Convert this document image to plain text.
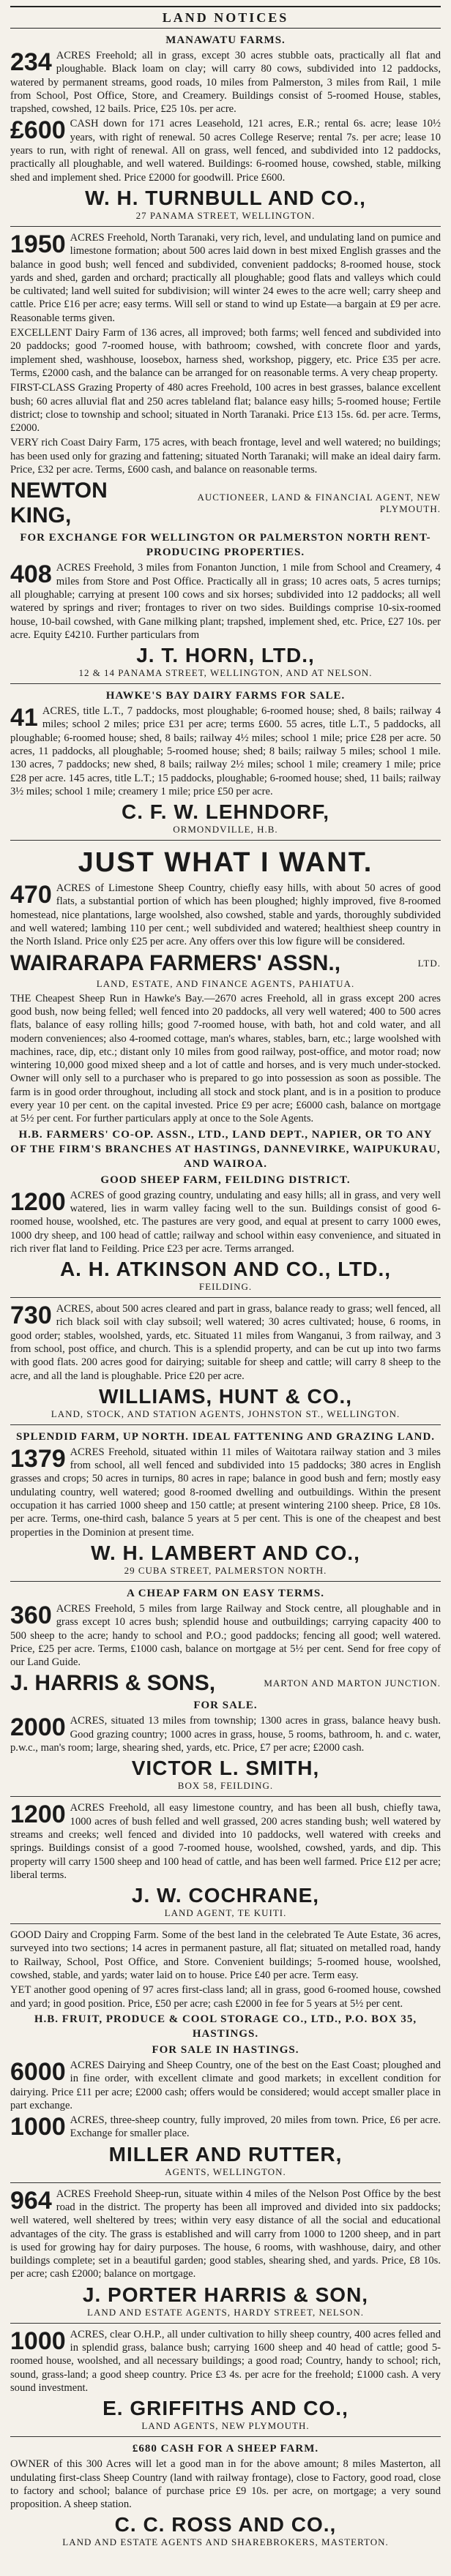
LAND NOTICES
MANAWATU FARMS.
234 ACRES Freehold; all in grass, except 30 acres stubble oats, practically all flat and ploughable. Black loam on clay; will carry 80 cows, subdivided into 12 paddocks, watered by permanent streams, good roads, 10 miles from Palmerston, 3 miles from Rail, 1 mile from School, Post Office, Store, and Creamery. Buildings consist of 5-roomed House, stables, trapshed, cowshed, 12 bails. Price, £25 10s. per acre.
£600 CASH down for 171 acres Leasehold, 121 acres, E.R.; rental 6s. acre; lease 10½ years, with right of renewal. 50 acres College Reserve; rental 7s. per acre; lease 10 years to run, with right of renewal. All on grass, well fenced, and subdivided into 12 paddocks, practically all ploughable, and well watered. Buildings: 6-roomed house, cowshed, stable, milking shed and implement shed. Price £2000 for goodwill. Price £600.
W. H. TURNBULL AND CO.,
27 PANAMA STREET, WELLINGTON.
1950 ACRES Freehold, North Taranaki, very rich, level, and undulating land on pumice and limestone formation; about 500 acres laid down in best mixed English grasses and the balance in good bush; well fenced and subdivided, convenient paddocks; 8-roomed house, stock yards and shed, garden and orchard; practically all ploughable; good flats and valleys which could be cultivated; land well suited for subdivision; will winter 24 ewes to the acre well; carry sheep and cattle. Price £16 per acre; easy terms. Will sell or stand to wind up Estate—a bargain at £9 per acre. Reasonable terms given.
EXCELLENT Dairy Farm of 136 acres, all improved; both farms; well fenced and subdivided into 20 paddocks; good 7-roomed house, with bathroom; cowshed, with concrete floor and yards, implement shed, washhouse, loosebox, harness shed, workshop, piggery, etc. Price £35 per acre. Terms, £2000 cash, and the balance can be arranged for on reasonable terms. A very cheap property.
FIRST-CLASS Grazing Property of 480 acres Freehold, 100 acres in best grasses, balance excellent bush; 60 acres alluvial flat and 250 acres tableland flat; balance easy hills; 5-roomed house; Fertile district; close to township and school; situated in North Taranaki. Price £13 15s. 6d. per acre. Terms, £2000.
VERY rich Coast Dairy Farm, 175 acres, with beach frontage, level and well watered; no buildings; has been used only for grazing and fattening; situated North Taranaki; will make an ideal dairy farm. Price, £32 per acre. Terms, £600 cash, and balance on reasonable terms.
NEWTON KING,
AUCTIONEER, LAND & FINANCIAL AGENT, NEW PLYMOUTH.
FOR EXCHANGE FOR WELLINGTON OR PALMERSTON NORTH RENT-PRODUCING PROPERTIES.
408 ACRES Freehold, 3 miles from Fonanton Junction, 1 mile from School and Creamery, 4 miles from Store and Post Office. Practically all in grass; 10 acres oats, 5 acres turnips; all ploughable; carrying at present 100 cows and six horses; subdivided into 12 paddocks; all well watered by springs and river; frontages to river on two sides. Buildings comprise 10-six-roomed house, 10-bail cowshed, with Gane milking plant; trapshed, implement shed, etc. Price, £27 10s. per acre. Equity £4210. Further particulars from
J. T. HORN, LTD.,
12 & 14 PANAMA STREET, WELLINGTON, AND AT NELSON.
HAWKE'S BAY DAIRY FARMS FOR SALE.
41 ACRES, title L.T., 7 paddocks, most ploughable; 6-roomed house; shed, 8 bails; railway 4 miles; school 2 miles; price £31 per acre; terms £600. 55 acres, title L.T., 5 paddocks, all ploughable; 6-roomed house; shed, 8 bails; railway 4½ miles; school 1 mile; price £28 per acre. 50 acres, 11 paddocks, all ploughable; 5-roomed house; shed; 8 bails; railway 5 miles; school 1 mile. 130 acres, 7 paddocks; new shed, 8 bails; railway 2½ miles; school 1 mile; creamery 1 mile; price £28 per acre. 145 acres, title L.T.; 15 paddocks, ploughable; 6-roomed house; shed, 11 bails; railway 3½ miles; school 1 mile; creamery 1 mile; price £50 per acre.
C. F. W. LEHNDORF,
ORMONDVILLE, H.B.
JUST WHAT I WANT.
470 ACRES of Limestone Sheep Country, chiefly easy hills, with about 50 acres of good flats, a substantial portion of which has been ploughed; highly improved, five 8-roomed homestead, nice plantations, large woolshed, also cowshed, stable and yards, thoroughly subdivided and well watered; lambing 110 per cent.; well subdivided and watered; healthiest sheep country in the North Island. Price only £25 per acre. Any offers over this low figure will be considered.
WAIRARAPA FARMERS' ASSN.,	LTD.
LAND, ESTATE, AND FINANCE AGENTS, PAHIATUA.
THE Cheapest Sheep Run in Hawke's Bay.—2670 acres Freehold, all in grass except 200 acres good bush, now being felled; well fenced into 20 paddocks, all very well watered; 400 to 500 acres flats, balance of easy rolling hills; good 7-roomed house, with bath, hot and cold water, and all modern conveniences; also 4-roomed cottage, man's whares, stables, barn, etc.; large woolshed with machines, race, dip, etc.; distant only 10 miles from good railway, post-office, and motor road; now wintering 10,000 good mixed sheep and a lot of cattle and horses, and is very much under-stocked. Owner will only sell to a purchaser who is prepared to go into possession as soon as possible. The farm is in good order throughout, including all stock and stock plant, and is in a position to produce every year 10 per cent. on the capital invested. Price £9 per acre; £6000 cash, balance on mortgage at 5½ per cent. For further particulars apply at once to the Sole Agents.
H.B. FARMERS' CO-OP. ASSN., LTD., LAND DEPT., NAPIER, OR TO ANY OF THE FIRM'S BRANCHES AT HASTINGS, DANNEVIRKE, WAIPUKURAU, AND WAIROA.
GOOD SHEEP FARM, FEILDING DISTRICT.
1200 ACRES of good grazing country, undulating and easy hills; all in grass, and very well watered, lies in warm valley facing well to the sun. Buildings consist of good 6-roomed house, woolshed, etc. The pastures are very good, and equal at present to carry 1000 ewes, 1000 dry sheep, and 100 head of cattle; railway and school within easy convenience, and situated in rich river flat land to Feilding. Price £23 per acre. Terms arranged.
A. H. ATKINSON AND CO., LTD.,
FEILDING.
730 ACRES, about 500 acres cleared and part in grass, balance ready to grass; well fenced, all rich black soil with clay subsoil; well watered; 30 acres cultivated; house, 6 rooms, in good order; stables, woolshed, yards, etc. Situated 11 miles from Wanganui, 3 from railway, and 3 from school, post office, and church. This is a splendid property, and can be cut up into two farms with good flats. 200 acres good for dairying; suitable for sheep and cattle; will carry 8 sheep to the acre, and all the land is ploughable. Price £20 per acre.
WILLIAMS, HUNT & CO.,
LAND, STOCK, AND STATION AGENTS, JOHNSTON ST., WELLINGTON.
SPLENDID FARM, UP NORTH. IDEAL FATTENING AND GRAZING LAND.
1379 ACRES Freehold, situated within 11 miles of Waitotara railway station and 3 miles from school, all well fenced and subdivided into 15 paddocks; 380 acres in English grasses and crops; 50 acres in turnips, 80 acres in rape; balance in good bush and fern; mostly easy undulating country, well watered; good 8-roomed dwelling and outbuildings. Within the present occupation it has carried 1000 sheep and 150 cattle; at present wintering 2100 sheep. Price, £8 10s. per acre. Terms, one-third cash, balance 5 years at 5 per cent. This is one of the cheapest and best properties in the Dominion at present time.
W. H. LAMBERT AND CO.,
29 CUBA STREET, PALMERSTON NORTH.
A CHEAP FARM ON EASY TERMS.
360 ACRES Freehold, 5 miles from large Railway and Stock centre, all ploughable and in grass except 10 acres bush; splendid house and outbuildings; carrying capacity 400 to 500 sheep to the acre; handy to school and P.O.; good paddocks; fencing all good; well watered. Price, £25 per acre. Terms, £1000 cash, balance on mortgage at 5½ per cent. Send for free copy of our Land Guide.
J. HARRIS & SONS,	MARTON AND MARTON JUNCTION.
FOR SALE.
2000 ACRES, situated 13 miles from township; 1300 acres in grass, balance heavy bush. Good grazing country; 1000 acres in grass, house, 5 rooms, bathroom, h. and c. water, p.w.c., man's room; large, shearing shed, yards, etc. Price, £7 per acre; £2000 cash.
VICTOR L. SMITH,
BOX 58, FEILDING.
1200 ACRES Freehold, all easy limestone country, and has been all bush, chiefly tawa, 1000 acres of bush felled and well grassed, 200 acres standing bush; well watered by streams and creeks; well fenced and divided into 10 paddocks, well watered with creeks and springs. Buildings consist of a good 7-roomed house, woolshed, cowshed, yards, and dip. This property will carry 1500 sheep and 100 head of cattle, and has been well farmed. Price £12 per acre; liberal terms.
J. W. COCHRANE,
LAND AGENT, TE KUITI.
GOOD Dairy and Cropping Farm. Some of the best land in the celebrated Te Aute Estate, 36 acres, surveyed into two sections; 14 acres in permanent pasture, all flat; situated on metalled road, handy to Railway, School, Post Office, and Store. Convenient buildings; 5-roomed house, woolshed, cowshed, stable, and yards; water laid on to house. Price £40 per acre. Term easy.
YET another good opening of 97 acres first-class land; all in grass, good 6-roomed house, cowshed and yard; in good position. Price, £50 per acre; cash £2000 in fee for 5 years at 5½ per cent.
H.B. FRUIT, PRODUCE & COOL STORAGE CO., LTD., P.O. BOX 35, HASTINGS.
FOR SALE IN HASTINGS.
6000 ACRES Dairying and Sheep Country, one of the best on the East Coast; ploughed and in fine order, with excellent climate and good markets; in excellent condition for dairying. Price £11 per acre; £2000 cash; offers would be considered; would accept smaller place in part exchange.
1000 ACRES, three-sheep country, fully improved, 20 miles from town. Price, £6 per acre. Exchange for smaller place.
MILLER AND RUTTER,
AGENTS, WELLINGTON.
964 ACRES Freehold Sheep-run, situate within 4 miles of the Nelson Post Office by the best road in the district. The property has been all improved and divided into six paddocks; well watered, well sheltered by trees; within very easy distance of all the social and educational advantages of the city. The grass is established and will carry from 1000 to 1200 sheep, and in part is used for growing hay for dairy purposes. The house, 6 rooms, with washhouse, dairy, and other buildings complete; set in a beautiful garden; good stables, shearing shed, and yards. Price, £8 10s. per acre; cash £2000; balance on mortgage.
J. PORTER HARRIS & SON,
LAND AND ESTATE AGENTS, HARDY STREET, NELSON.
1000 ACRES, clear O.H.P., all under cultivation to hilly sheep country, 400 acres felled and in splendid grass, balance bush; carrying 1600 sheep and 40 head of cattle; good 5-roomed house, woolshed, and all necessary buildings; a good road; Country, handy to school; rich, sound, grass-land; a good sheep country. Price £3 4s. per acre for the freehold; £1000 cash. A very sound investment.
E. GRIFFITHS AND CO.,
LAND AGENTS, NEW PLYMOUTH.
£680 CASH FOR A SHEEP FARM.
OWNER of this 300 Acres will let a good man in for the above amount; 8 miles Masterton, all undulating first-class Sheep Country (land with railway frontage), close to Factory, good road, close to factory and school; balance of purchase price £9 10s. per acre, on mortgage; a very sound proposition. A sheep station.
C. C. ROSS AND CO.,
LAND AND ESTATE AGENTS AND SHAREBROKERS, MASTERTON.
